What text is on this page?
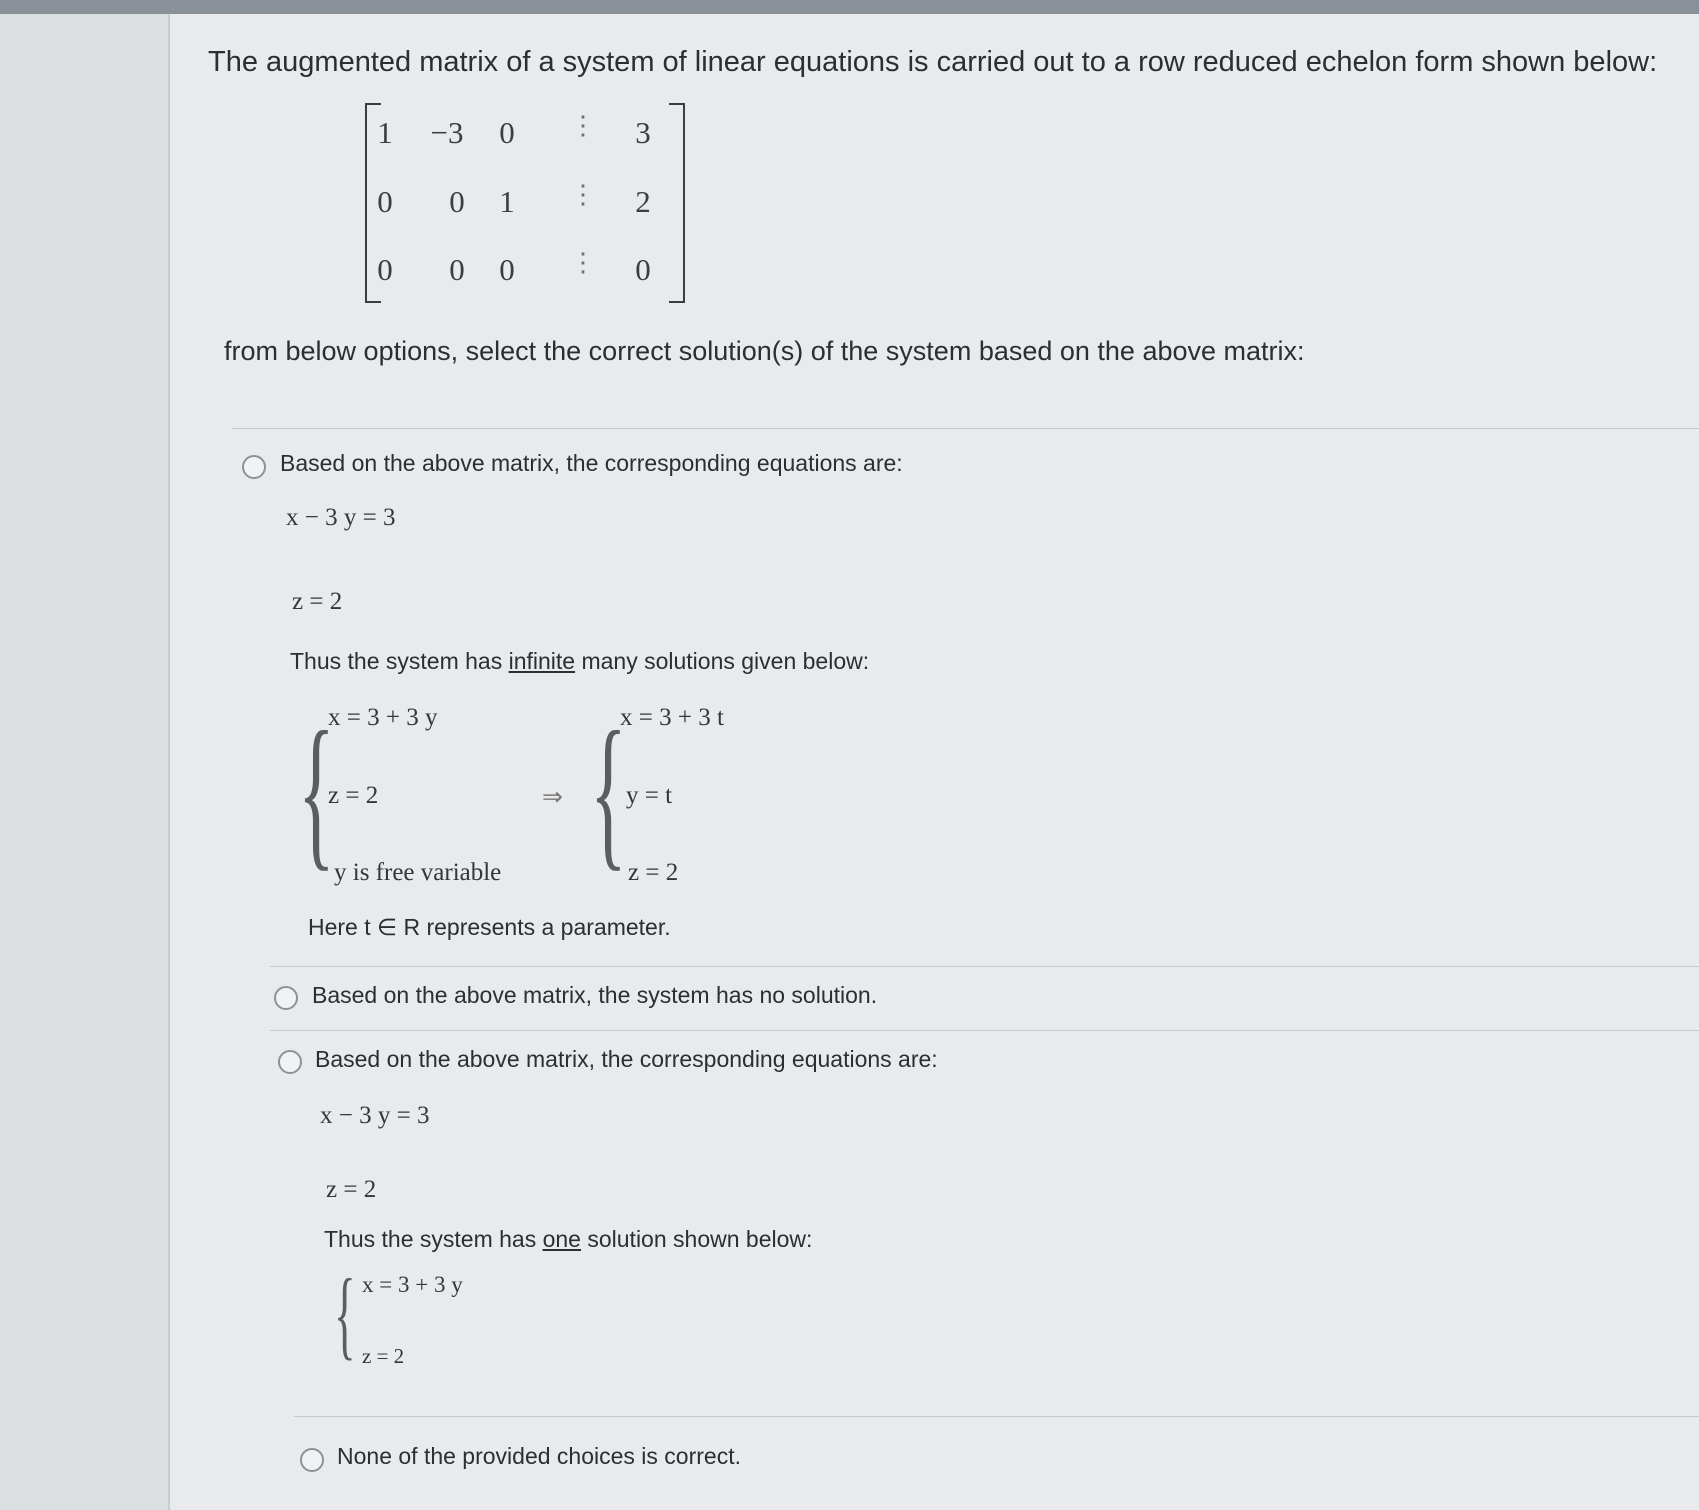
The augmented matrix of a system of linear equations is carried out to a row reduced echelon form shown below:
1	−3	0	⋮	3
0	0	1	⋮	2
0	0	0	⋮	0
from below options, select the correct solution(s) of the system based on the above matrix:
Based on the above matrix, the corresponding equations are:
x − 3 y = 3
z = 2
Thus the system has infinite many solutions given below:
{
x = 3 + 3 y
z = 2
y is free variable
⇒ {
x = 3 + 3 t
y = t
z = 2
Here t ∈ R represents a parameter.
Based on the above matrix, the system has no solution.
Based on the above matrix, the corresponding equations are:
x − 3 y = 3
z = 2
Thus the system has one solution shown below:
{ x = 3 + 3 y
z = 2
None of the provided choices is correct.
